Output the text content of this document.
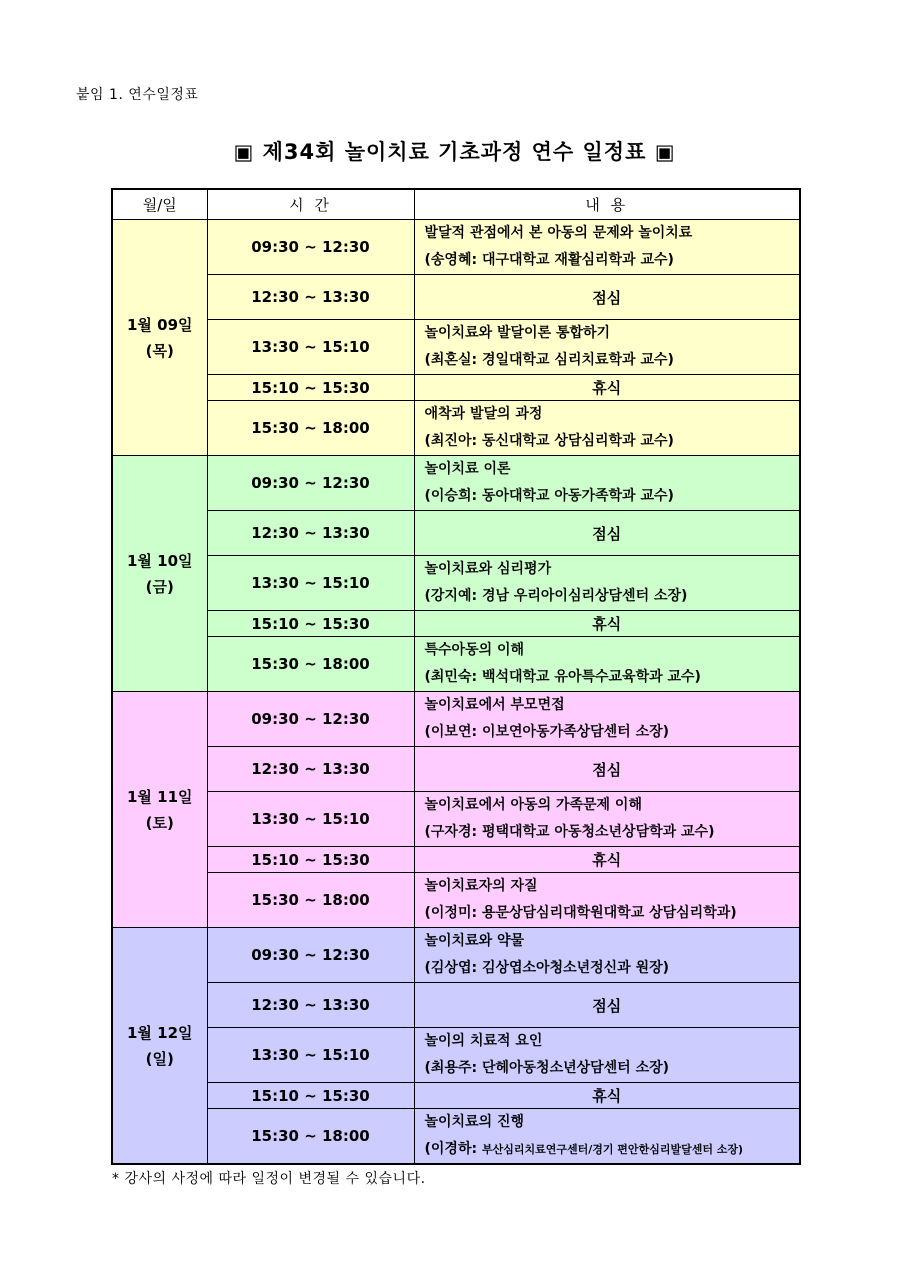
붙임 1. 연수일정표
▣ 제34회 놀이치료 기초과정 연수 일정표 ▣
월/일	시 간	내 용

1월 09일
(목)	09:30 ~ 12:30	발달적 관점에서 본 아동의 문제와 놀이치료
(송영혜: 대구대학교 재활심리학과 교수)

	12:30 ~ 13:30	점심
	13:30 ~ 15:10	놀이치료와 발달이론 통합하기
(최혼실: 경일대학교 심리치료학과 교수)

	15:10 ~ 15:30	휴식
	15:30 ~ 18:00	애착과 발달의 과정
(최진아: 동신대학교 상담심리학과 교수)

1월 10일
(금)	09:30 ~ 12:30	놀이치료 이론
(이승희: 동아대학교 아동가족학과 교수)

	12:30 ~ 13:30	점심
	13:30 ~ 15:10	놀이치료와 심리평가
(강지예: 경남 우리아이심리상담센터 소장)

	15:10 ~ 15:30	휴식
	15:30 ~ 18:00	특수아동의 이해
(최민숙: 백석대학교 유아특수교육학과 교수)

1월 11일
(토)	09:30 ~ 12:30	놀이치료에서 부모면접
(이보연: 이보연아동가족상담센터 소장)

	12:30 ~ 13:30	점심
	13:30 ~ 15:10	놀이치료에서 아동의 가족문제 이해
(구자경: 평택대학교 아동청소년상담학과 교수)

	15:10 ~ 15:30	휴식
	15:30 ~ 18:00	놀이치료자의 자질
(이정미: 용문상담심리대학원대학교 상담심리학과)

1월 12일
(일)	09:30 ~ 12:30	놀이치료와 약물
(김상엽: 김상엽소아청소년정신과 원장)

	12:30 ~ 13:30	점심
	13:30 ~ 15:10	놀이의 치료적 요인
(최용주: 단헤아동청소년상담센터 소장)

	15:10 ~ 15:30	휴식
	15:30 ~ 18:00	놀이치료의 진행
(이경하: 부산심리치료연구센터/경기 편안한심리발달센터 소장)
* 강사의 사정에 따라 일정이 변경될 수 있습니다.
